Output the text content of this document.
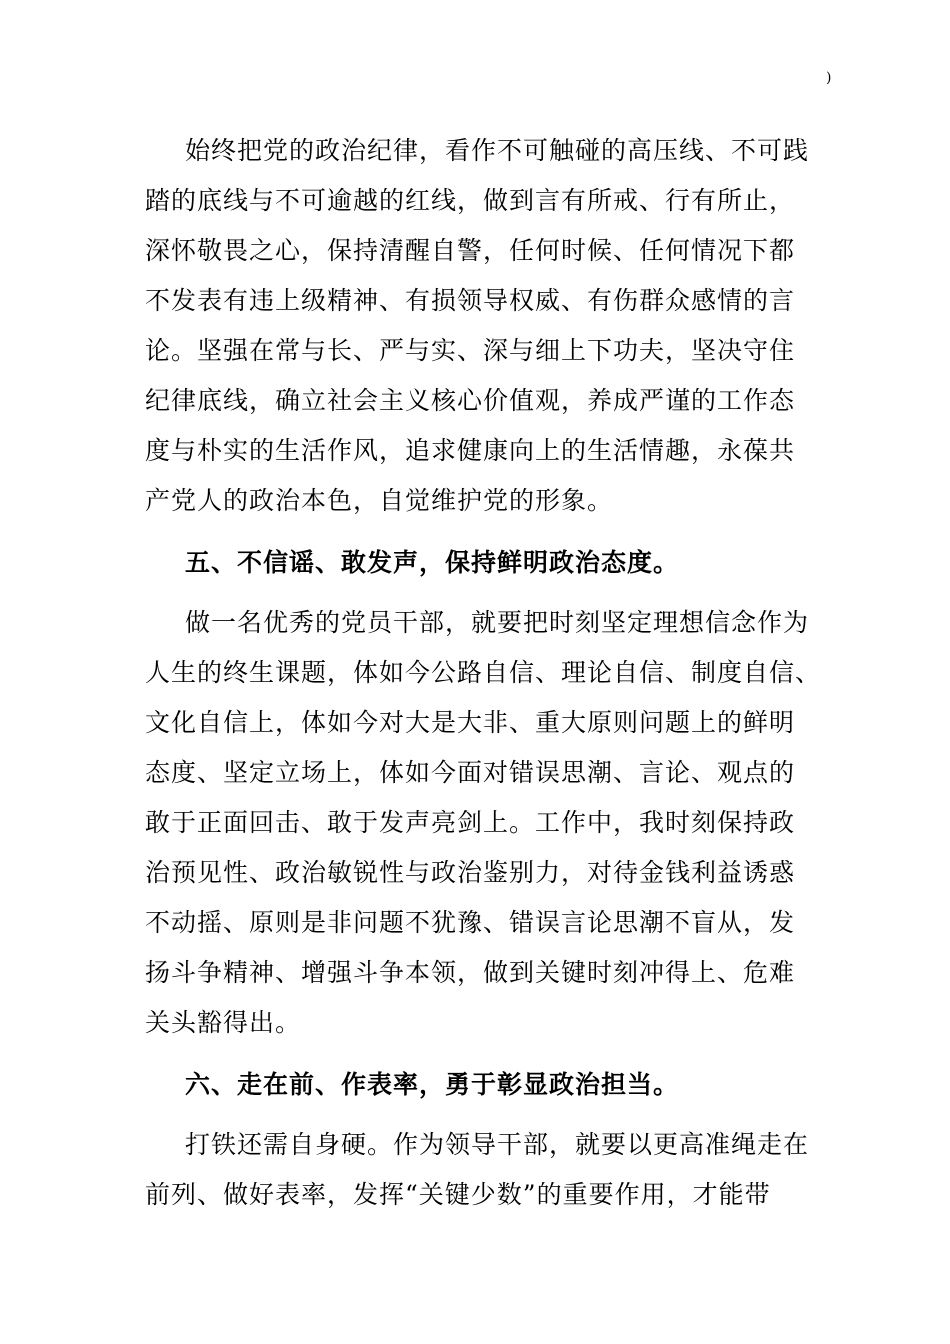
)
始终把党的政治纪律，看作不可触碰的高压线、不可践
踏的底线与不可逾越的红线，做到言有所戒、行有所止，
深怀敬畏之心，保持清醒自警，任何时候、任何情况下都
不发表有违上级精神、有损领导权威、有伤群众感情的言
论。坚强在常与长、严与实、深与细上下功夫，坚决守住
纪律底线，确立社会主义核心价值观，养成严谨的工作态
度与朴实的生活作风，追求健康向上的生活情趣，永葆共
产党人的政治本色，自觉维护党的形象。
五、不信谣、敢发声，保持鲜明政治态度。
做一名优秀的党员干部，就要把时刻坚定理想信念作为
人生的终生课题，体如今公路自信、理论自信、制度自信、
文化自信上，体如今对大是大非、重大原则问题上的鲜明
态度、坚定立场上，体如今面对错误思潮、言论、观点的
敢于正面回击、敢于发声亮剑上。工作中，我时刻保持政
治预见性、政治敏锐性与政治鉴别力，对待金钱利益诱惑
不动摇、原则是非问题不犹豫、错误言论思潮不盲从，发
扬斗争精神、增强斗争本领，做到关键时刻冲得上、危难
关头豁得出。
六、走在前、作表率，勇于彰显政治担当。
打铁还需自身硬。作为领导干部，就要以更高准绳走在
前列、做好表率，发挥“关键少数”的重要作用，才能带
